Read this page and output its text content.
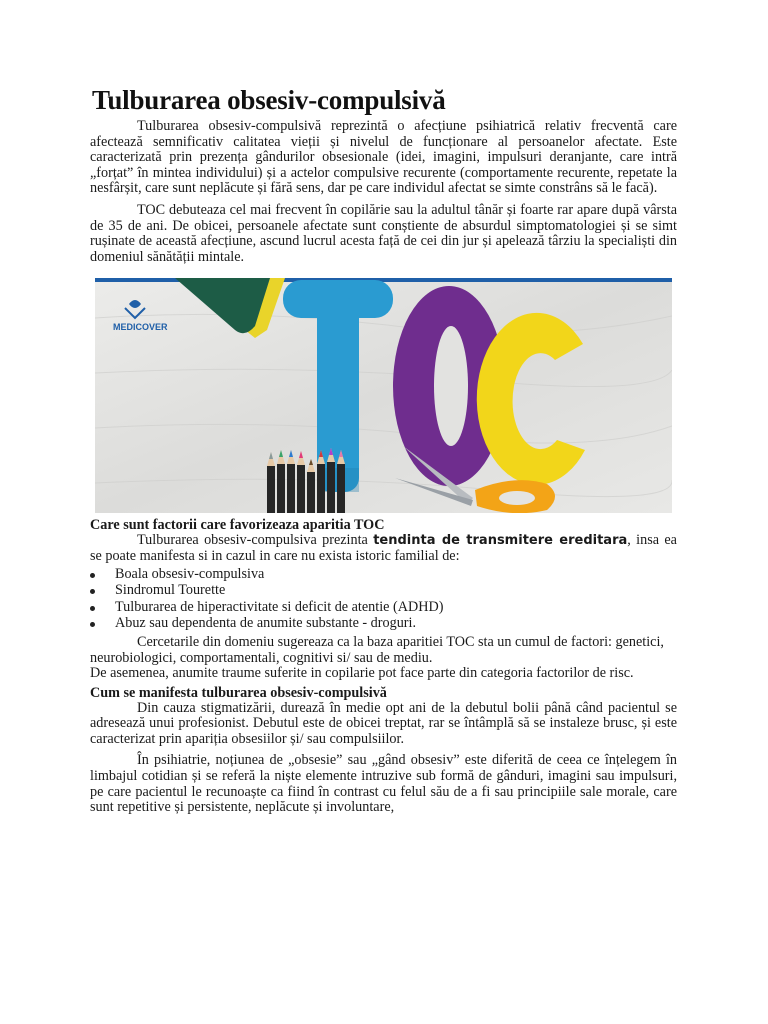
Tulburarea obsesiv-compulsivă

Tulburarea obsesiv-compulsivă reprezintă o afecțiune psihiatrică relativ frecventă care afectează semnificativ calitatea vieții și nivelul de funcționare al persoanelor afectate. Este caracterizată prin prezența gândurilor obsesionale (idei, imagini, impulsuri deranjante, care intră „forțat” în mintea individului) și a actelor compulsive recurente (comportamente recurente, repetate la nesfârșit, care sunt neplăcute și fără sens, dar pe care individul afectat se simte constrâns să le facă).

TOC debuteaza cel mai frecvent în copilărie sau la adultul tânăr și foarte rar apare după vârsta de 35 de ani. De obicei, persoanele afectate sunt conștiente de absurdul simptomatologiei și se simt rușinate de această afecțiune, ascund lucrul acesta față de cei din jur și apelează târziu la specialiști din domeniul sănătății mintale.

MEDICOVER
Care sunt factorii care favorizeaza aparitia TOC

Tulburarea obsesiv-compulsiva prezinta tendinta de transmitere ereditara, insa ea se poate manifesta si in cazul in care nu exista istoric familial de:

Boala obsesiv-compulsiva
Sindromul Tourette
Tulburarea de hiperactivitate si deficit de atentie (ADHD)
Abuz sau dependenta de anumite substante - droguri.

Cercetarile din domeniu sugereaza ca la baza aparitiei TOC sta un cumul de factori: genetici, neurobiologici, comportamentali, cognitivi si/ sau de mediu.

De asemenea, anumite traume suferite in copilarie pot face parte din categoria factorilor de risc.

Cum se manifesta tulburarea obsesiv-compulsivă

Din cauza stigmatizării, durează în medie opt ani de la debutul bolii până când pacientul se adresează unui profesionist. Debutul este de obicei treptat, rar se întâmplă să se instaleze brusc, și este caracterizat prin apariția obsesiilor și/ sau compulsiilor.

În psihiatrie, noțiunea de „obsesie” sau „gând obsesiv” este diferită de ceea ce înțelegem în limbajul cotidian și se referă la niște elemente intruzive sub formă de gânduri, imagini sau impulsuri, pe care pacientul le recunoaște ca fiind în contrast cu felul său de a fi sau principiile sale morale, care sunt repetitive și persistente, neplăcute și involuntare,
